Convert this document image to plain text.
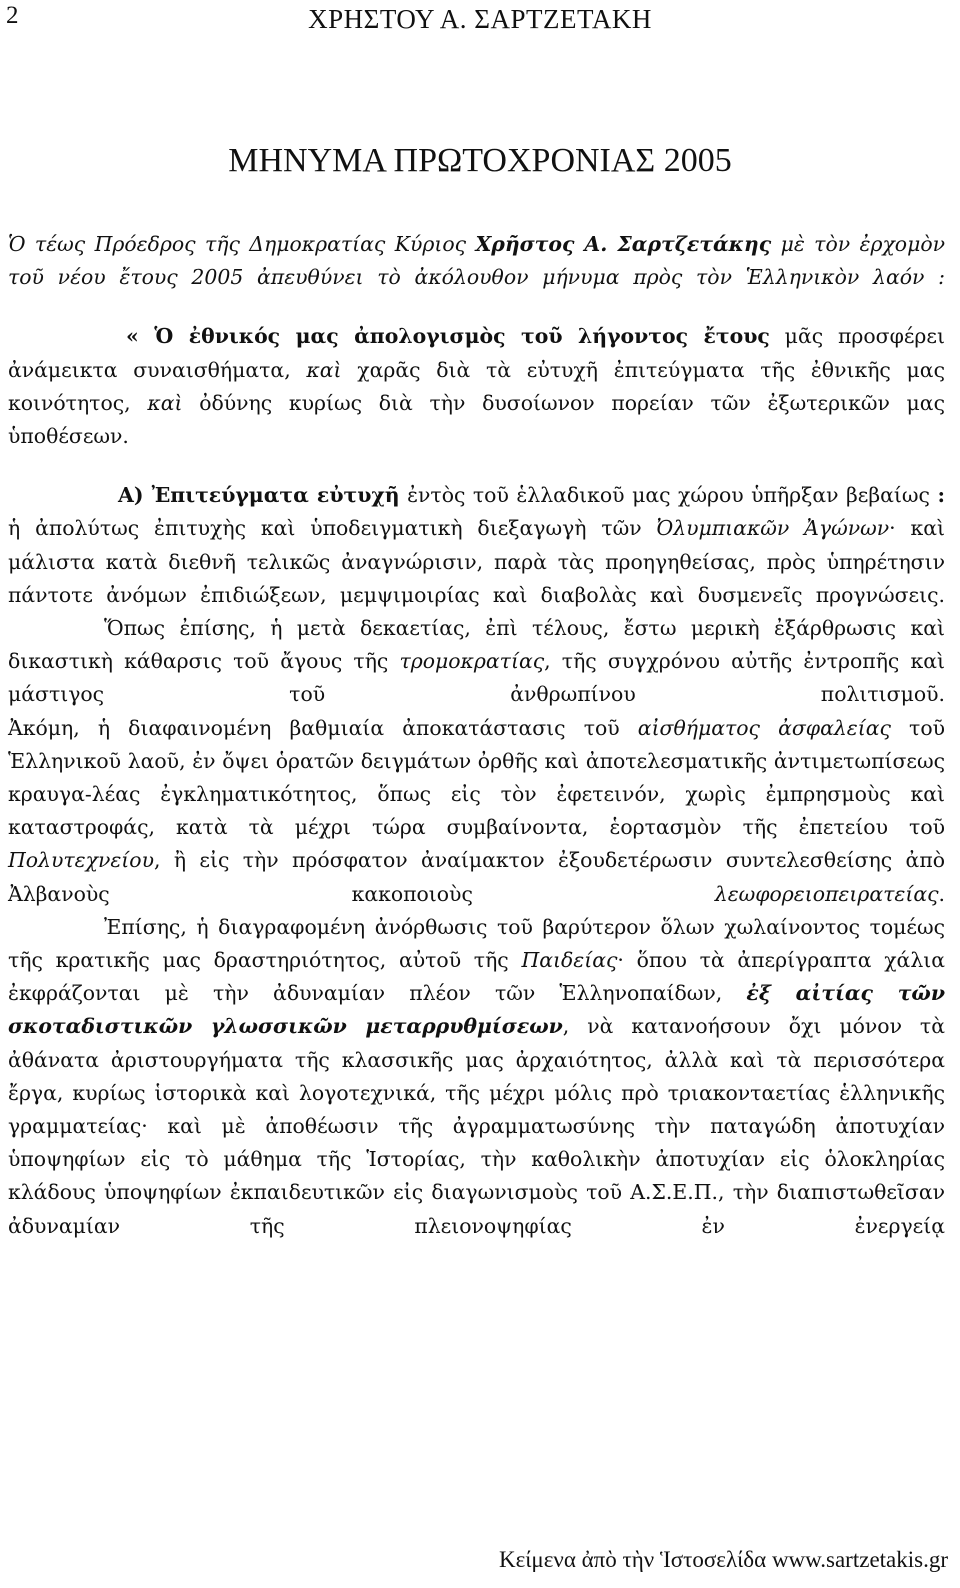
2	ΧΡΗΣΤΟΥ Α. ΣΑΡΤΖΕΤΑΚΗ
ΜΗΝΥΜΑ ΠΡΩΤΟΧΡΟΝΙΑΣ 2005

Ὁ τέως Πρόεδρος τῆς Δημοκρατίας Κύριος Χρῆστος Α. Σαρτζετάκης μὲ τὸν ἐρχομὸν τοῦ νέου ἔτους 2005 ἀπευθύνει τὸ ἀκόλουθον μήνυμα πρὸς τὸν Ἑλληνικὸν λαόν :

« Ὁ ἐθνικός μας ἀπολογισμὸς τοῦ λήγοντος ἔτους μᾶς προσφέρει ἀνάμεικτα συναισθήματα, καὶ χαρᾶς διὰ τὰ εὐτυχῆ ἐπιτεύγματα τῆς ἐθνικῆς μας κοινότητος, καὶ ὀδύνης κυρίως διὰ τὴν δυσοίωνον πορείαν τῶν ἐξωτερικῶν μας ὑποθέσεων.

Α) Ἐπιτεύγματα εὐτυχῆ ἐντὸς τοῦ ἑλλαδικοῦ μας χώρου ὑπῆρξαν βεβαίως : ἡ ἀπολύτως ἐπιτυχὴς καὶ ὑποδειγματικὴ διεξαγωγὴ τῶν Ὀλυμπιακῶν Ἀγώνων· καὶ μάλιστα κατὰ διεθνῆ τελικῶς ἀναγνώρισιν, παρὰ τὰς προηγηθείσας, πρὸς ὑπηρέτησιν πάντοτε ἀνόμων ἐπιδιώξεων, μεμψιμοιρίας καὶ διαβολὰς καὶ δυσμενεῖς προγνώσεις.

Ὅπως ἐπίσης, ἡ μετὰ δεκαετίας, ἐπὶ τέλους, ἔστω μερικὴ ἐξάρθρωσις καὶ δικαστικὴ κάθαρσις τοῦ ἄγους τῆς τρομοκρατίας, τῆς συγχρόνου αὐτῆς ἐντροπῆς καὶ μάστιγος τοῦ ἀνθρωπίνου πολιτισμοῦ.

Ἀκόμη, ἡ διαφαινομένη βαθμιαία ἀποκατάστασις τοῦ αἰσθήματος ἀσφαλείας τοῦ Ἑλληνικοῦ λαοῦ, ἐν ὄψει ὁρατῶν δειγμάτων ὀρθῆς καὶ ἀποτελεσματικῆς ἀντιμετωπίσεως κραυγα-λέας ἐγκληματικότητος, ὅπως εἰς τὸν ἐφετεινόν, χωρὶς ἐμπρησμοὺς καὶ καταστροφάς, κατὰ τὰ μέχρι τώρα συμβαίνοντα, ἑορτασμὸν τῆς ἐπετείου τοῦ Πολυτεχνείου, ἢ εἰς τὴν πρόσφατον ἀναίμακτον ἐξουδετέρωσιν συντελεσθείσης ἀπὸ Ἀλβανοὺς κακοποιοὺς λεωφορειοπειρατείας.

Ἐπίσης, ἡ διαγραφομένη ἀνόρθωσις τοῦ βαρύτερον ὅλων χωλαίνοντος τομέως τῆς κρατικῆς μας δραστηριότητος, αὐτοῦ τῆς Παιδείας· ὅπου τὰ ἀπερίγραπτα χάλια ἐκφράζονται μὲ τὴν ἀδυναμίαν πλέον τῶν Ἑλληνοπαίδων, ἐξ αἰτίας τῶν σκοταδιστικῶν γλωσσικῶν μεταρρυθμίσεων, νὰ κατανοήσουν ὄχι μόνον τὰ ἀθάνατα ἀριστουργήματα τῆς κλασσικῆς μας ἀρχαιότητος, ἀλλὰ καὶ τὰ περισσότερα ἔργα, κυρίως ἱστορικὰ καὶ λογοτεχνικά, τῆς μέχρι μόλις πρὸ τριακονταετίας ἑλληνικῆς γραμματείας· καὶ μὲ ἀποθέωσιν τῆς ἀγραμματωσύνης τὴν παταγώδη ἀποτυχίαν ὑποψηφίων εἰς τὸ μάθημα τῆς Ἱστορίας, τὴν καθολικὴν ἀποτυχίαν εἰς ὁλοκληρίας κλάδους ὑποψηφίων ἐκπαιδευτικῶν εἰς διαγωνισμοὺς τοῦ Α.Σ.Ε.Π., τὴν διαπιστωθεῖσαν ἀδυναμίαν τῆς πλειονοψηφίας ἐν ἐνεργείᾳ

Κείμενα ἀπὸ τὴν Ἱστοσελίδα www.sartzetakis.gr
